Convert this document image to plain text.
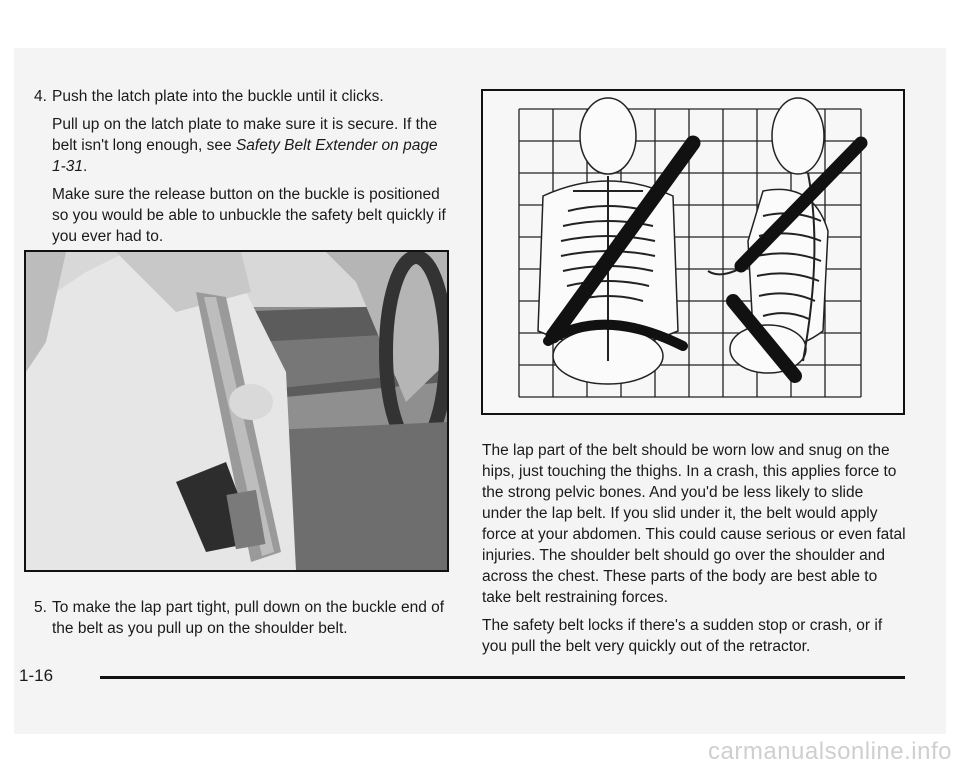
4. Push the latch plate into the buckle until it clicks.

Pull up on the latch plate to make sure it is secure. If the belt isn't long enough, see Safety Belt Extender on page 1-31.

Make sure the release button on the buckle is positioned so you would be able to unbuckle the safety belt quickly if you ever had to.

5. To make the lap part tight, pull down on the buckle end of the belt as you pull up on the shoulder belt.

The lap part of the belt should be worn low and snug on the hips, just touching the thighs. In a crash, this applies force to the strong pelvic bones. And you'd be less likely to slide under the lap belt. If you slid under it, the belt would apply force at your abdomen. This could cause serious or even fatal injuries. The shoulder belt should go over the shoulder and across the chest. These parts of the body are best able to take belt restraining forces.

The safety belt locks if there's a sudden stop or crash, or if you pull the belt very quickly out of the retractor.

1-16
carmanualsonline.info
